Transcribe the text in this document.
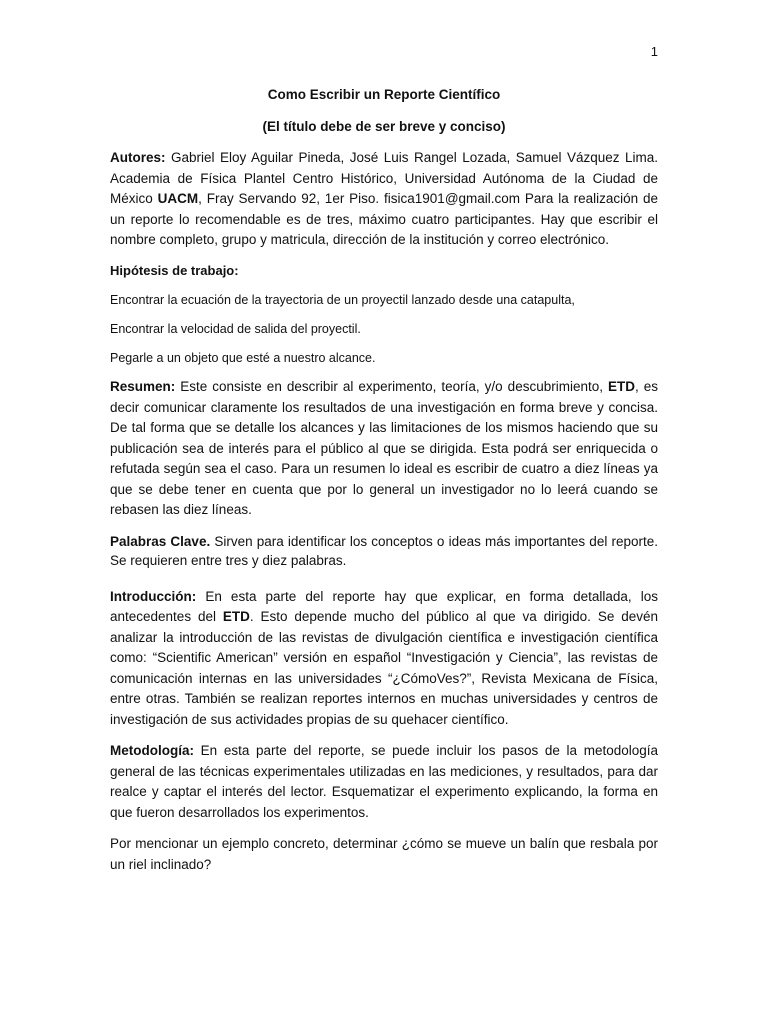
1
Como Escribir un Reporte Científico
(El título debe de ser breve y conciso)

Autores: Gabriel Eloy Aguilar Pineda, José Luis Rangel Lozada, Samuel Vázquez Lima. Academia de Física Plantel Centro Histórico, Universidad Autónoma de la Ciudad de México UACM, Fray Servando 92, 1er Piso. fisica1901@gmail.com Para la realización de un reporte lo recomendable es de tres, máximo cuatro participantes. Hay que escribir el nombre completo, grupo y matricula, dirección de la institución y correo electrónico.

Hipótesis de trabajo:

Encontrar la ecuación de la trayectoria de un proyectil lanzado desde una catapulta,

Encontrar la velocidad de salida del proyectil.

Pegarle a un objeto que esté a nuestro alcance.

Resumen: Este consiste en describir al experimento, teoría, y/o descubrimiento, ETD, es decir comunicar claramente los resultados de una investigación en forma breve y concisa. De tal forma que se detalle los alcances y las limitaciones de los mismos haciendo que su publicación sea de interés para el público al que se dirigida. Esta podrá ser enriquecida o refutada según sea el caso. Para un resumen lo ideal es escribir de cuatro a diez líneas ya que se debe tener en cuenta que por lo general un investigador no lo leerá cuando se rebasen las diez líneas.

Palabras Clave. Sirven para identificar los conceptos o ideas más importantes del reporte. Se requieren entre tres y diez palabras.

Introducción: En esta parte del reporte hay que explicar, en forma detallada, los antecedentes del ETD. Esto depende mucho del público al que va dirigido. Se devén analizar la introducción de las revistas de divulgación científica e investigación científica como: “Scientific American” versión en español “Investigación y Ciencia”, las revistas de comunicación internas en las universidades “¿CómoVes?”, Revista Mexicana de Física, entre otras. También se realizan reportes internos en muchas universidades y centros de investigación de sus actividades propias de su quehacer científico.

Metodología: En esta parte del reporte, se puede incluir los pasos de la metodología general de las técnicas experimentales utilizadas en las mediciones, y resultados, para dar realce y captar el interés del lector. Esquematizar el experimento explicando, la forma en que fueron desarrollados los experimentos.

Por mencionar un ejemplo concreto, determinar ¿cómo se mueve un balín que resbala por un riel inclinado?
